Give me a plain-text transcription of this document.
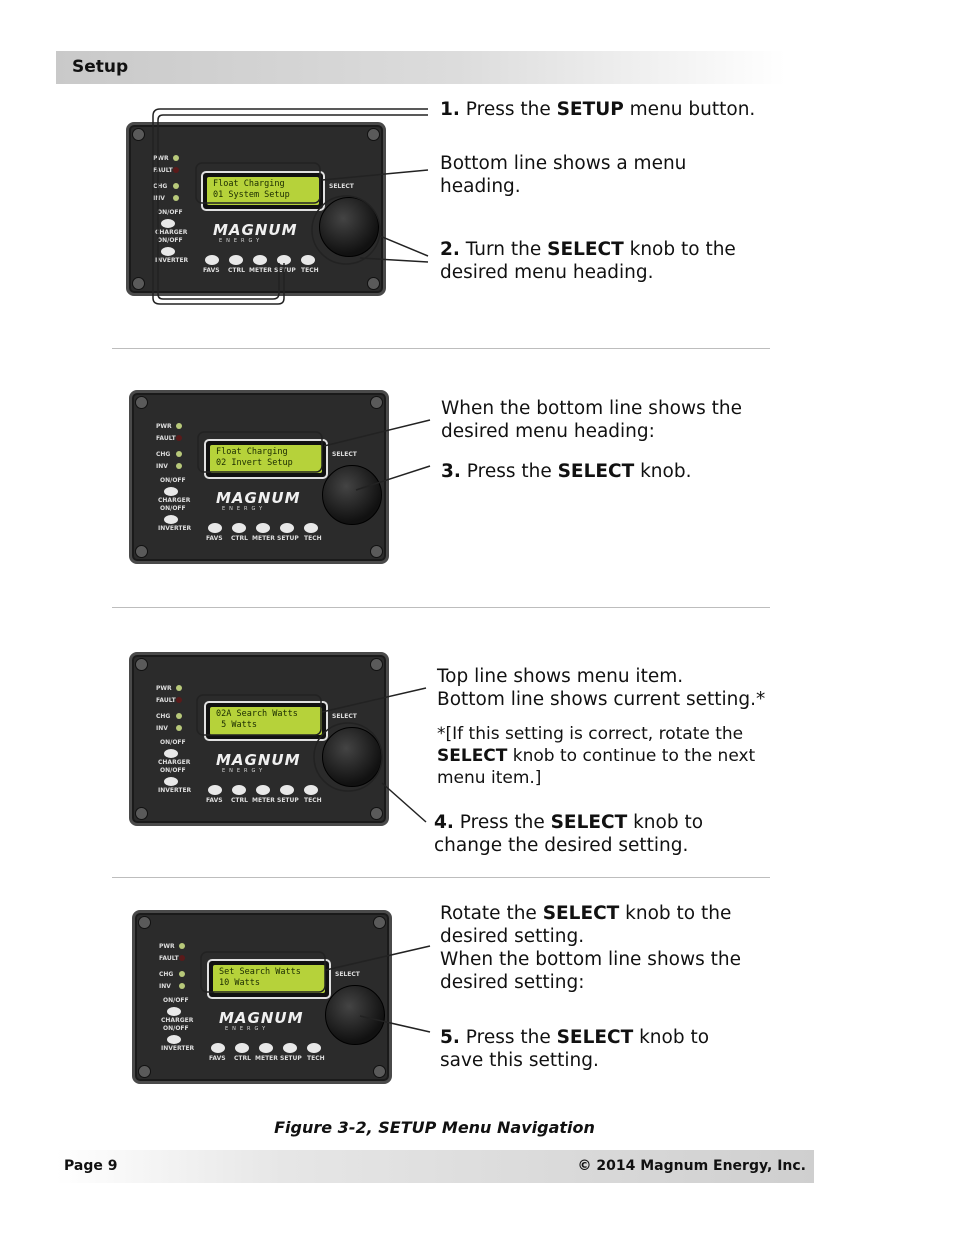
Setup
PWR
FAULT
CHG
INV
ON/OFF
CHARGER
ON/OFF
INVERTER
Float Charging
01 System Setup
SELECT
MAGNUM
ENERGY
FAVS CTRL METER SETUP TECH
1. Press the SETUP menu button.
Bottom line shows a menu heading.
2. Turn the SELECT knob to the desired menu heading.
PWR
FAULT
CHG
INV
ON/OFF
CHARGER
ON/OFF
INVERTER
Float Charging
02 Invert Setup
SELECT
MAGNUM
ENERGY
FAVS CTRL METER SETUP TECH
When the bottom line shows the desired menu heading:
3. Press the SELECT knob.
PWR
FAULT
CHG
INV
ON/OFF
CHARGER
ON/OFF
INVERTER
02A Search Watts
5 Watts
SELECT
MAGNUM
ENERGY
FAVS CTRL METER SETUP TECH
Top line shows menu item.
Bottom line shows current setting.*
*[If this setting is correct, rotate the SELECT knob to continue to the next menu item.]
4. Press the SELECT knob to change the desired setting.
PWR
FAULT
CHG
INV
ON/OFF
CHARGER
ON/OFF
INVERTER
Set Search Watts
10 Watts
SELECT
MAGNUM
ENERGY
FAVS CTRL METER SETUP TECH
Rotate the SELECT knob to the desired setting.
When the bottom line shows the desired setting:
5. Press the SELECT knob to save this setting.
Figure 3-2, SETUP Menu Navigation
Page 9	© 2014 Magnum Energy, Inc.
